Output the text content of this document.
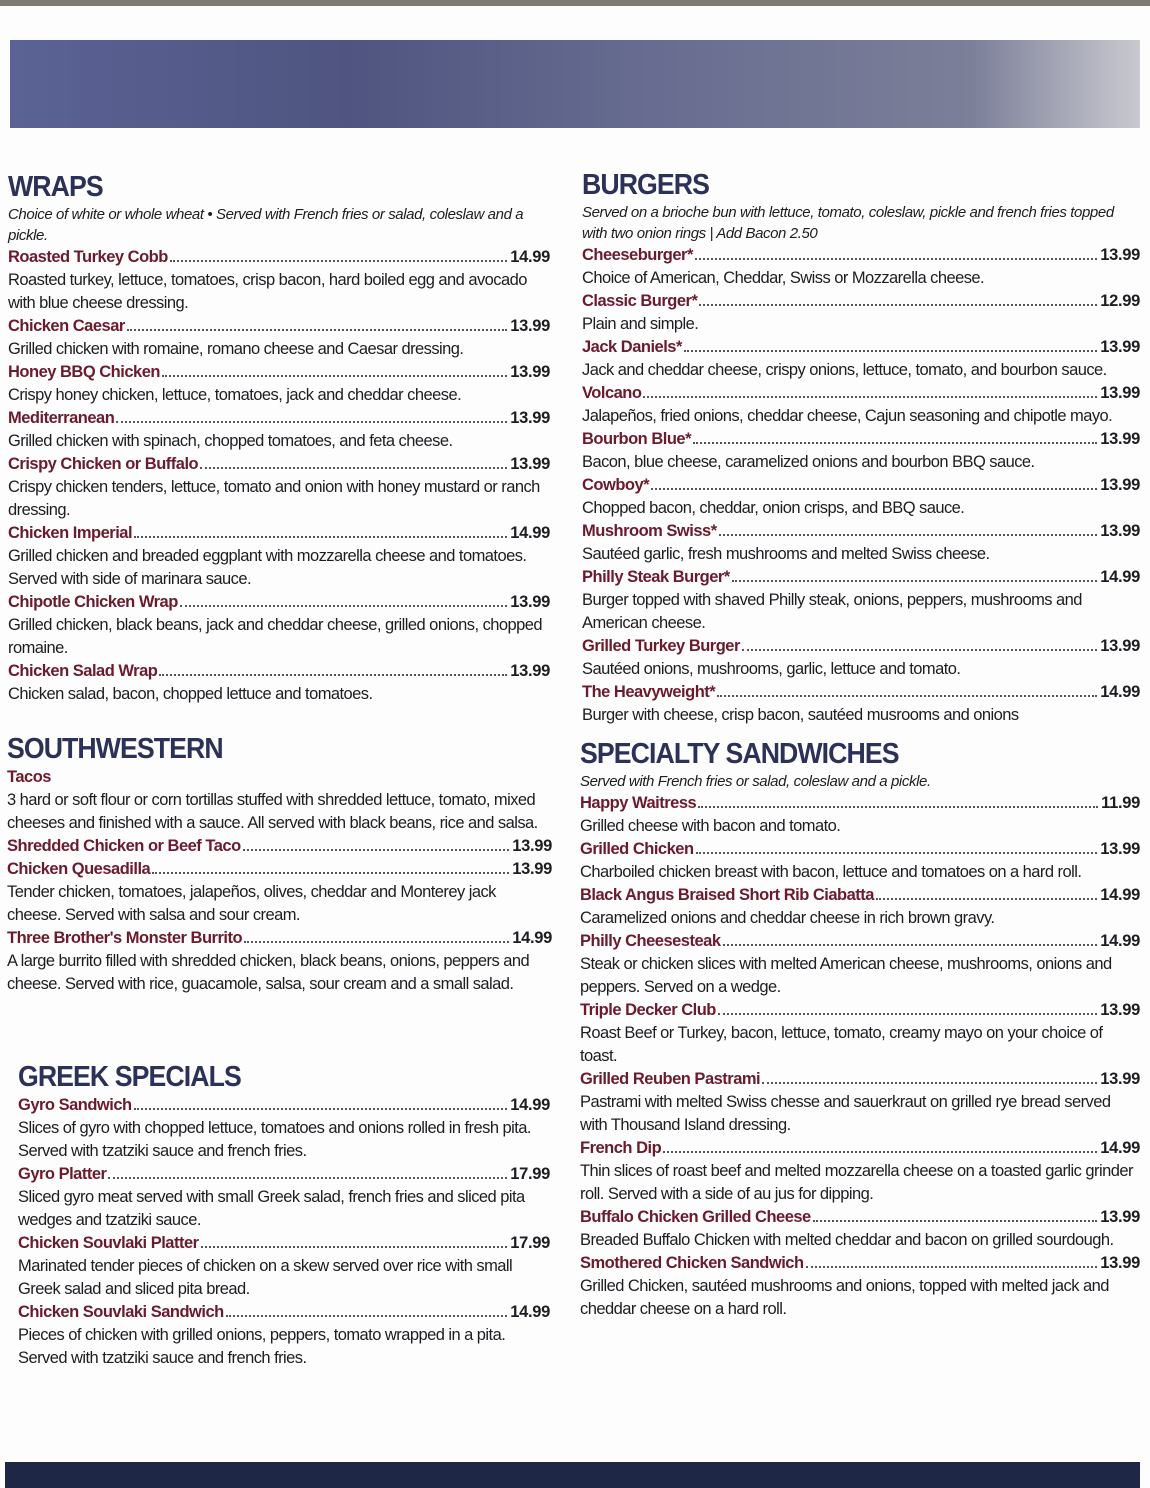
WRAPS
Choice of white or whole wheat • Served with French fries or salad, coleslaw and a pickle.
Roasted Turkey Cobb	14.99
Roasted turkey, lettuce, tomatoes, crisp bacon, hard boiled egg and avocado with blue cheese dressing.
Chicken Caesar	13.99
Grilled chicken with romaine, romano cheese and Caesar dressing.
Honey BBQ Chicken	13.99
Crispy honey chicken, lettuce, tomatoes, jack and cheddar cheese.
Mediterranean	13.99
Grilled chicken with spinach, chopped tomatoes, and feta cheese.
Crispy Chicken or Buffalo	13.99
Crispy chicken tenders, lettuce, tomato and onion with honey mustard or ranch dressing.
Chicken Imperial	14.99
Grilled chicken and breaded eggplant with mozzarella cheese and tomatoes. Served with side of marinara sauce.
Chipotle Chicken Wrap	13.99
Grilled chicken, black beans, jack and cheddar cheese, grilled onions, chopped romaine.
Chicken Salad Wrap	13.99
Chicken salad, bacon, chopped lettuce and tomatoes.
SOUTHWESTERN
Tacos
3 hard or soft flour or corn tortillas stuffed with shredded lettuce, tomato, mixed cheeses and finished with a sauce. All served with black beans, rice and salsa.
Shredded Chicken or Beef Taco	13.99
Chicken Quesadilla	13.99
Tender chicken, tomatoes, jalapeños, olives, cheddar and Monterey jack cheese. Served with salsa and sour cream.
Three Brother's Monster Burrito	14.99
A large burrito filled with shredded chicken, black beans, onions, peppers and cheese. Served with rice, guacamole, salsa, sour cream and a small salad.
GREEK SPECIALS
Gyro Sandwich	14.99
Slices of gyro with chopped lettuce, tomatoes and onions rolled in fresh pita. Served with tzatziki sauce and french fries.
Gyro Platter	17.99
Sliced gyro meat served with small Greek salad, french fries and sliced pita wedges and tzatziki sauce.
Chicken Souvlaki Platter	17.99
Marinated tender pieces of chicken on a skew served over rice with small Greek salad and sliced pita bread.
Chicken Souvlaki Sandwich	14.99
Pieces of chicken with grilled onions, peppers, tomato wrapped in a pita. Served with tzatziki sauce and french fries.
BURGERS
Served on a brioche bun with lettuce, tomato, coleslaw, pickle and french fries topped with two onion rings | Add Bacon 2.50
Cheeseburger*	13.99
Choice of American, Cheddar, Swiss or Mozzarella cheese.
Classic Burger*	12.99
Plain and simple.
Jack Daniels*	13.99
Jack and cheddar cheese, crispy onions, lettuce, tomato, and bourbon sauce.
Volcano	13.99
Jalapeños, fried onions, cheddar cheese, Cajun seasoning and chipotle mayo.
Bourbon Blue*	13.99
Bacon, blue cheese, caramelized onions and bourbon BBQ sauce.
Cowboy*	13.99
Chopped bacon, cheddar, onion crisps, and BBQ sauce.
Mushroom Swiss*	13.99
Sautéed garlic, fresh mushrooms and melted Swiss cheese.
Philly Steak Burger*	14.99
Burger topped with shaved Philly steak, onions, peppers, mushrooms and American cheese.
Grilled Turkey Burger	13.99
Sautéed onions, mushrooms, garlic, lettuce and tomato.
The Heavyweight*	14.99
Burger with cheese, crisp bacon, sautéed musrooms and onions
SPECIALTY SANDWICHES
Served with French fries or salad, coleslaw and a pickle.
Happy Waitress	11.99
Grilled cheese with bacon and tomato.
Grilled Chicken	13.99
Charboiled chicken breast with bacon, lettuce and tomatoes on a hard roll.
Black Angus Braised Short Rib Ciabatta	14.99
Caramelized onions and cheddar cheese in rich brown gravy.
Philly Cheesesteak	14.99
Steak or chicken slices with melted American cheese, mushrooms, onions and peppers. Served on a wedge.
Triple Decker Club	13.99
Roast Beef or Turkey, bacon, lettuce, tomato, creamy mayo on your choice of toast.
Grilled Reuben Pastrami	13.99
Pastrami with melted Swiss chesse and sauerkraut on grilled rye bread served with Thousand Island dressing.
French Dip	14.99
Thin slices of roast beef and melted mozzarella cheese on a toasted garlic grinder roll. Served with a side of au jus for dipping.
Buffalo Chicken Grilled Cheese	13.99
Breaded Buffalo Chicken with melted cheddar and bacon on grilled sourdough.
Smothered Chicken Sandwich	13.99
Grilled Chicken, sautéed mushrooms and onions, topped with melted jack and cheddar cheese on a hard roll.
